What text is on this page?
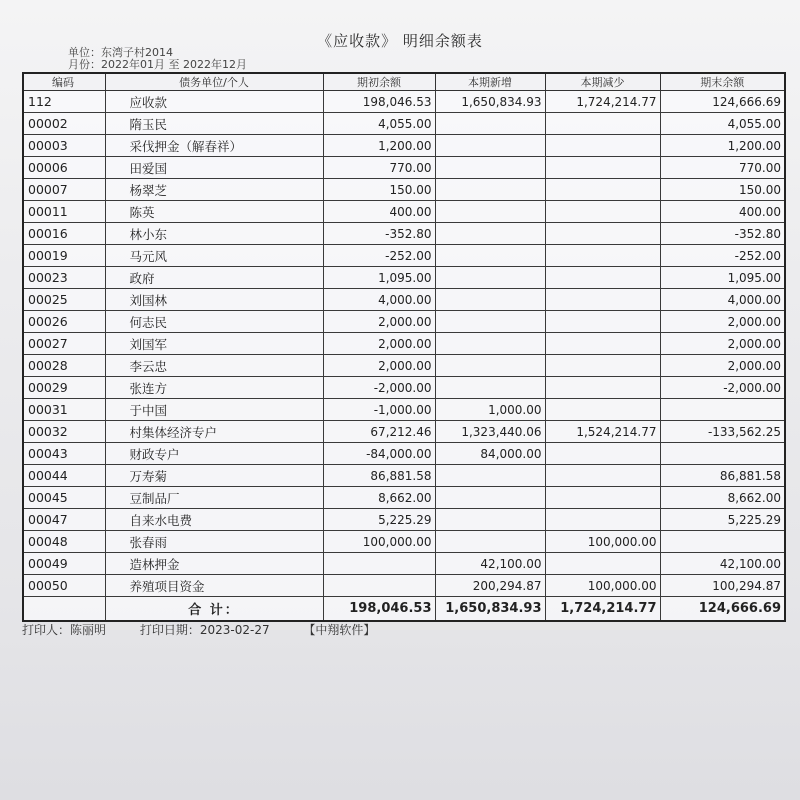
《应收款》 明细余额表
单位：东湾子村2014
月份：2022年01月 至 2022年12月
编码	债务单位/个人	期初余额	本期新增	本期减少	期末余额
112	应收款	198,046.53	1,650,834.93	1,724,214.77	124,666.69
00002	隋玉民	4,055.00			4,055.00
00003	采伐押金（解春祥）	1,200.00			1,200.00
00006	田爱国	770.00			770.00
00007	杨翠芝	150.00			150.00
00011	陈英	400.00			400.00
00016	林小东	-352.80			-352.80
00019	马元风	-252.00			-252.00
00023	政府	1,095.00			1,095.00
00025	刘国林	4,000.00			4,000.00
00026	何志民	2,000.00			2,000.00
00027	刘国军	2,000.00			2,000.00
00028	李云忠	2,000.00			2,000.00
00029	张连方	-2,000.00			-2,000.00
00031	于中国	-1,000.00	1,000.00		
00032	村集体经济专户	67,212.46	1,323,440.06	1,524,214.77	-133,562.25
00043	财政专户	-84,000.00	84,000.00		
00044	万寿菊	86,881.58			86,881.58
00045	豆制品厂	8,662.00			8,662.00
00047	自来水电费	5,225.29			5,225.29
00048	张春雨	100,000.00		100,000.00	
00049	造林押金		42,100.00		42,100.00
00050	养殖项目资金		200,294.87	100,000.00	100,294.87
	合 计：	198,046.53	1,650,834.93	1,724,214.77	124,666.69
打印人：陈丽明	打印日期：2023-02-27	【中翔软件】
